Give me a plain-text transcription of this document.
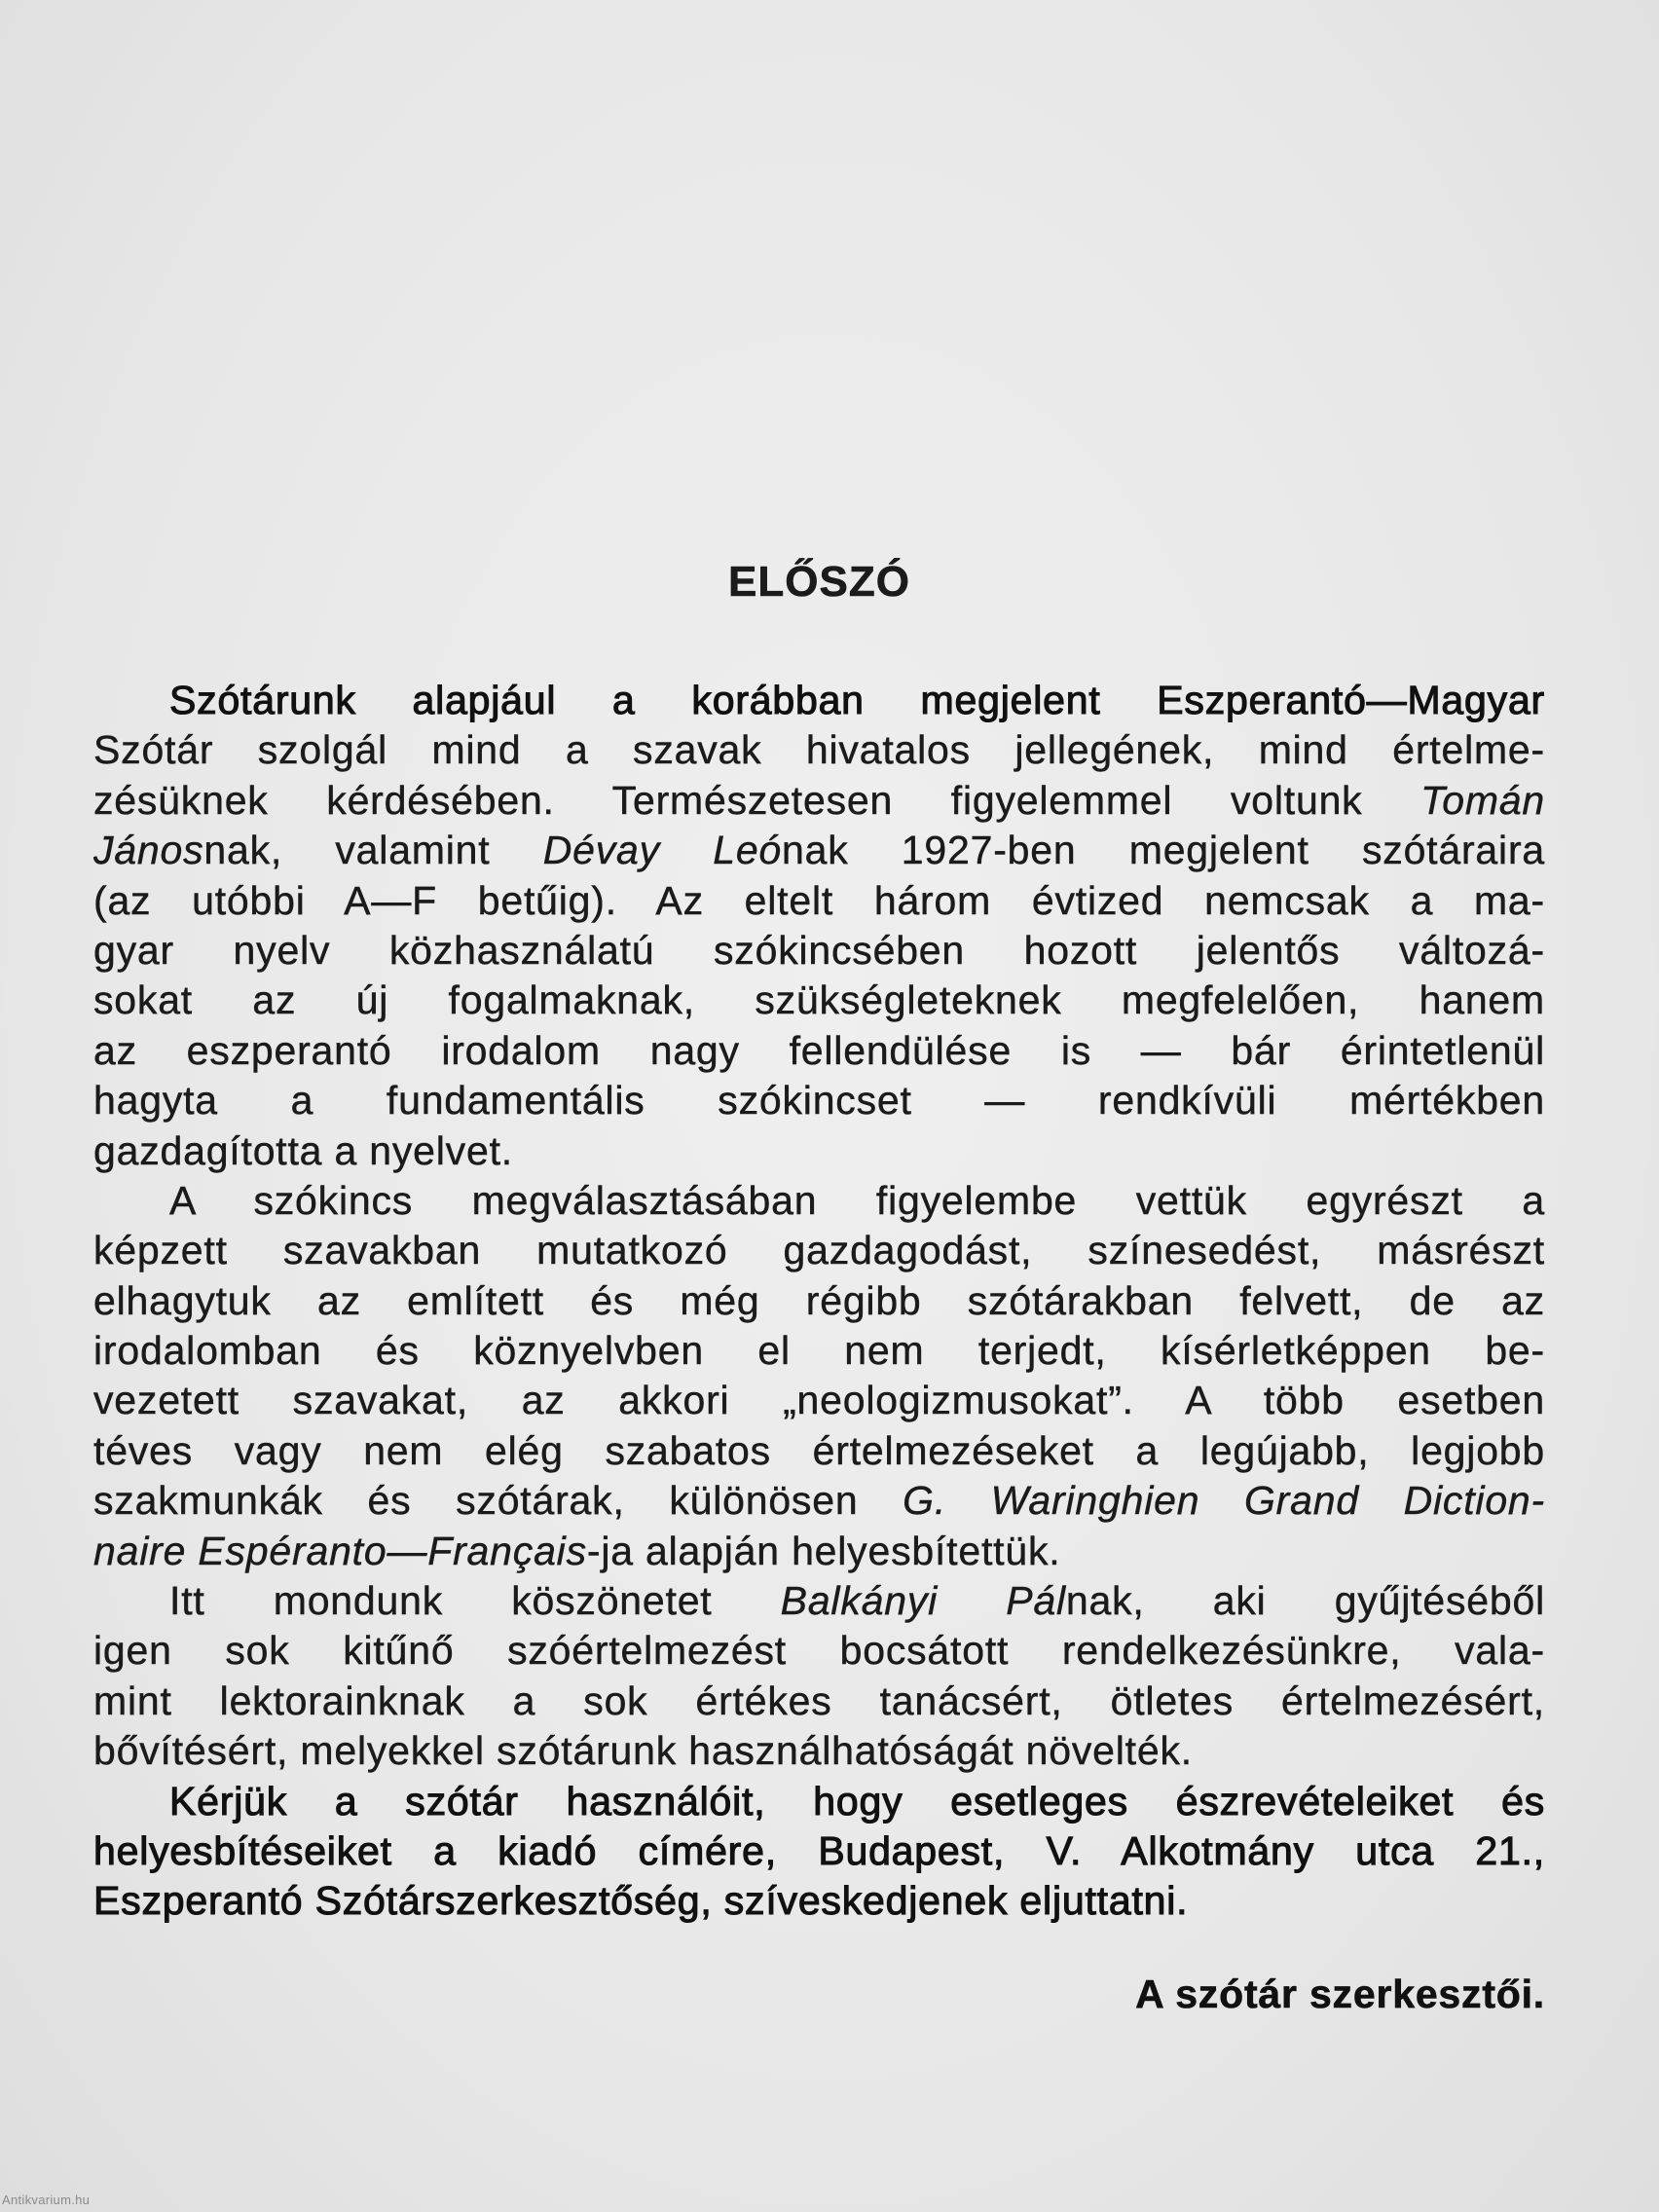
ELŐSZÓ
Szótárunk alapjául a korábban megjelent Eszperantó—Magyar
Szótár szolgál mind a szavak hivatalos jellegének, mind értelme-
zésüknek kérdésében. Természetesen figyelemmel voltunk Tomán
Jánosnak, valamint Dévay Leónak 1927-ben megjelent szótáraira
(az utóbbi A—F betűig). Az eltelt három évtized nemcsak a ma-
gyar nyelv közhasználatú szókincsében hozott jelentős változá-
sokat az új fogalmaknak, szükségleteknek megfelelően, hanem
az eszperantó irodalom nagy fellendülése is — bár érintetlenül
hagyta a fundamentális szókincset — rendkívüli mértékben
gazdagította a nyelvet.
A szókincs megválasztásában figyelembe vettük egyrészt a
képzett szavakban mutatkozó gazdagodást, színesedést, másrészt
elhagytuk az említett és még régibb szótárakban felvett, de az
irodalomban és köznyelvben el nem terjedt, kísérletképpen be-
vezetett szavakat, az akkori „neologizmusokat”. A több esetben
téves vagy nem elég szabatos értelmezéseket a legújabb, legjobb
szakmunkák és szótárak, különösen G. Waringhien Grand Diction-
naire Espéranto—Français-ja alapján helyesbítettük.
Itt mondunk köszönetet Balkányi Pálnak, aki gyűjtéséből
igen sok kitűnő szóértelmezést bocsátott rendelkezésünkre, vala-
mint lektorainknak a sok értékes tanácsért, ötletes értelmezésért,
bővítésért, melyekkel szótárunk használhatóságát növelték.
Kérjük a szótár használóit, hogy esetleges észrevételeiket és
helyesbítéseiket a kiadó címére, Budapest, V. Alkotmány utca 21.,
Eszperantó Szótárszerkesztőség, szíveskedjenek eljuttatni.
A szótár szerkesztői.
Antikvarium.hu
